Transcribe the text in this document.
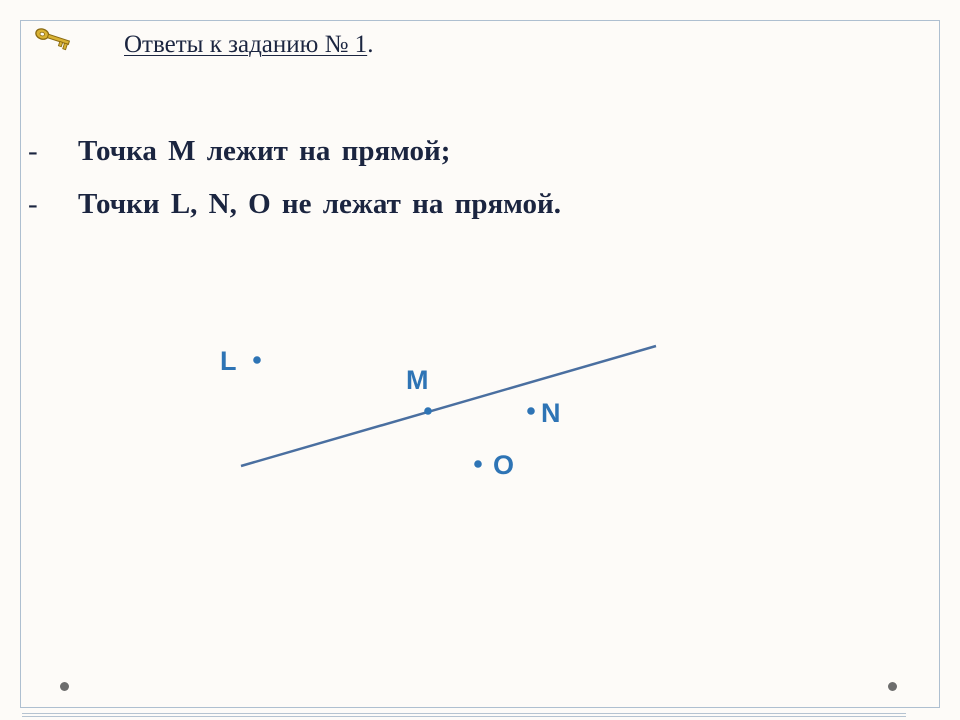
Ответы к заданию № 1.
- Точка M лежит на прямой;
- Точки L, N, O не лежат на прямой.
L
M
N
O
